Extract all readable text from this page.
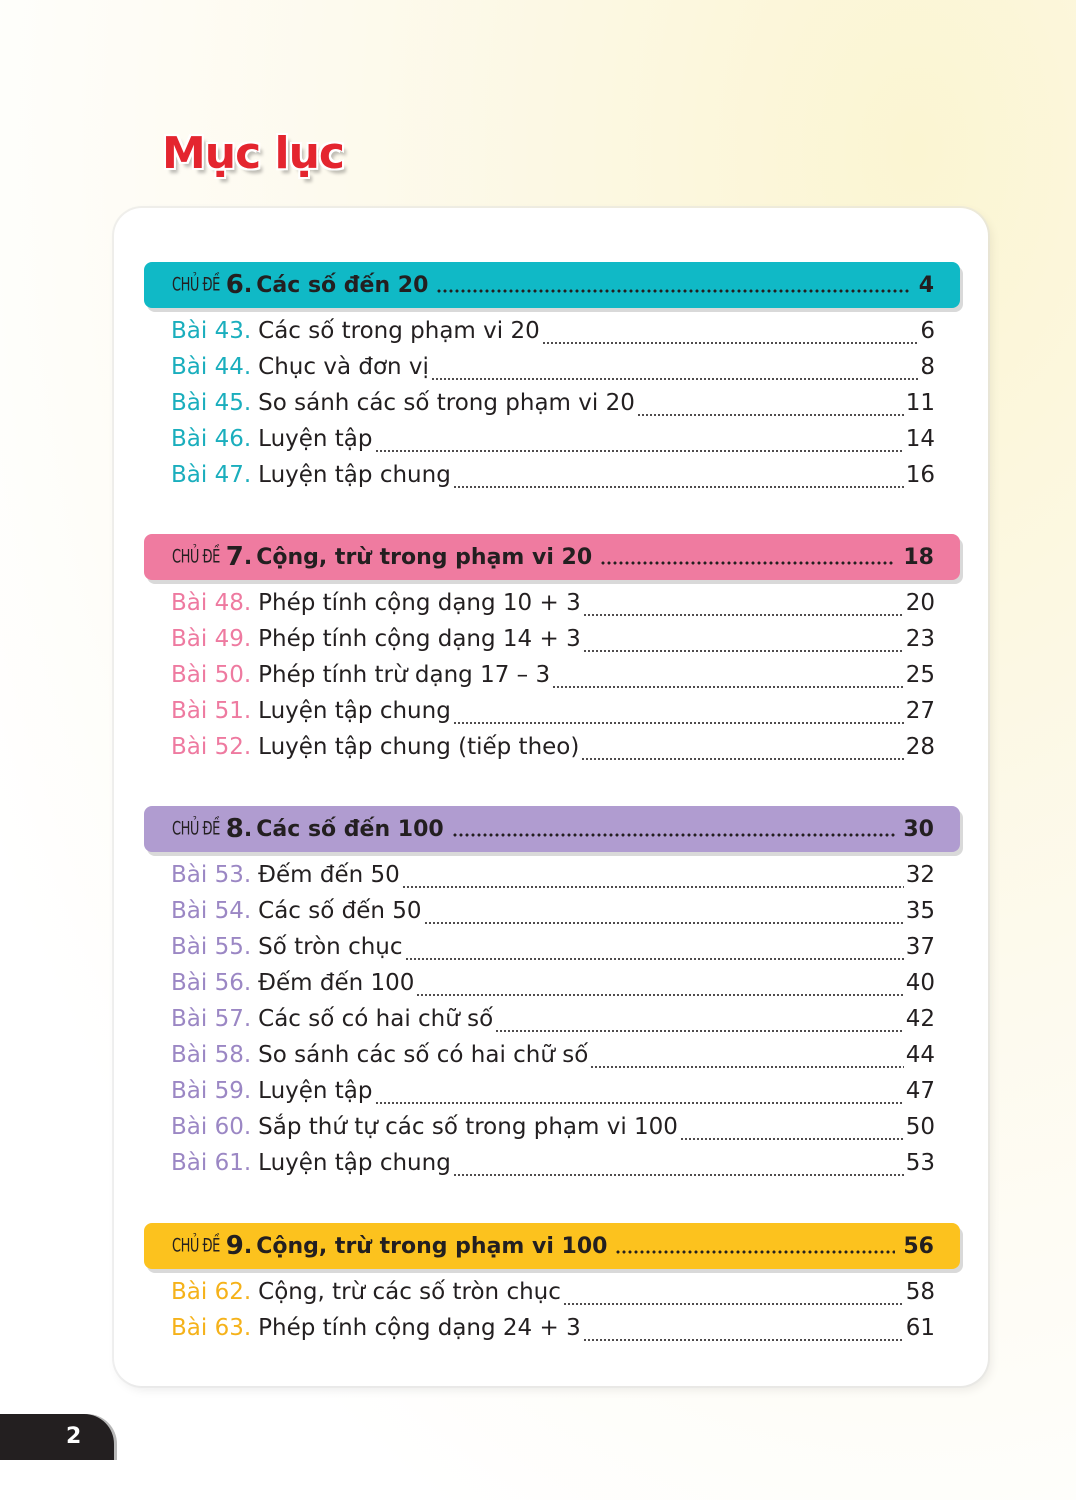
Mục lục
CHỦ ĐỀ 6 . Các số đến 20	4
Bài 43. Các số trong phạm vi 20	6
Bài 44. Chục và đơn vị	8
Bài 45. So sánh các số trong phạm vi 20	11
Bài 46. Luyện tập	14
Bài 47. Luyện tập chung	16
CHỦ ĐỀ 7 . Cộng, trừ trong phạm vi 20	18
Bài 48. Phép tính cộng dạng 10 + 3	20
Bài 49. Phép tính cộng dạng 14 + 3	23
Bài 50. Phép tính trừ dạng 17 – 3	25
Bài 51. Luyện tập chung	27
Bài 52. Luyện tập chung (tiếp theo)	28
CHỦ ĐỀ 8 . Các số đến 100	30
Bài 53. Đếm đến 50	32
Bài 54. Các số đến 50	35
Bài 55. Số tròn chục	37
Bài 56. Đếm đến 100	40
Bài 57. Các số có hai chữ số	42
Bài 58. So sánh các số có hai chữ số	44
Bài 59. Luyện tập	47
Bài 60. Sắp thứ tự các số trong phạm vi 100	50
Bài 61. Luyện tập chung	53
CHỦ ĐỀ 9 . Cộng, trừ trong phạm vi 100	56
Bài 62. Cộng, trừ các số tròn chục	58
Bài 63. Phép tính cộng dạng 24 + 3	61
2
